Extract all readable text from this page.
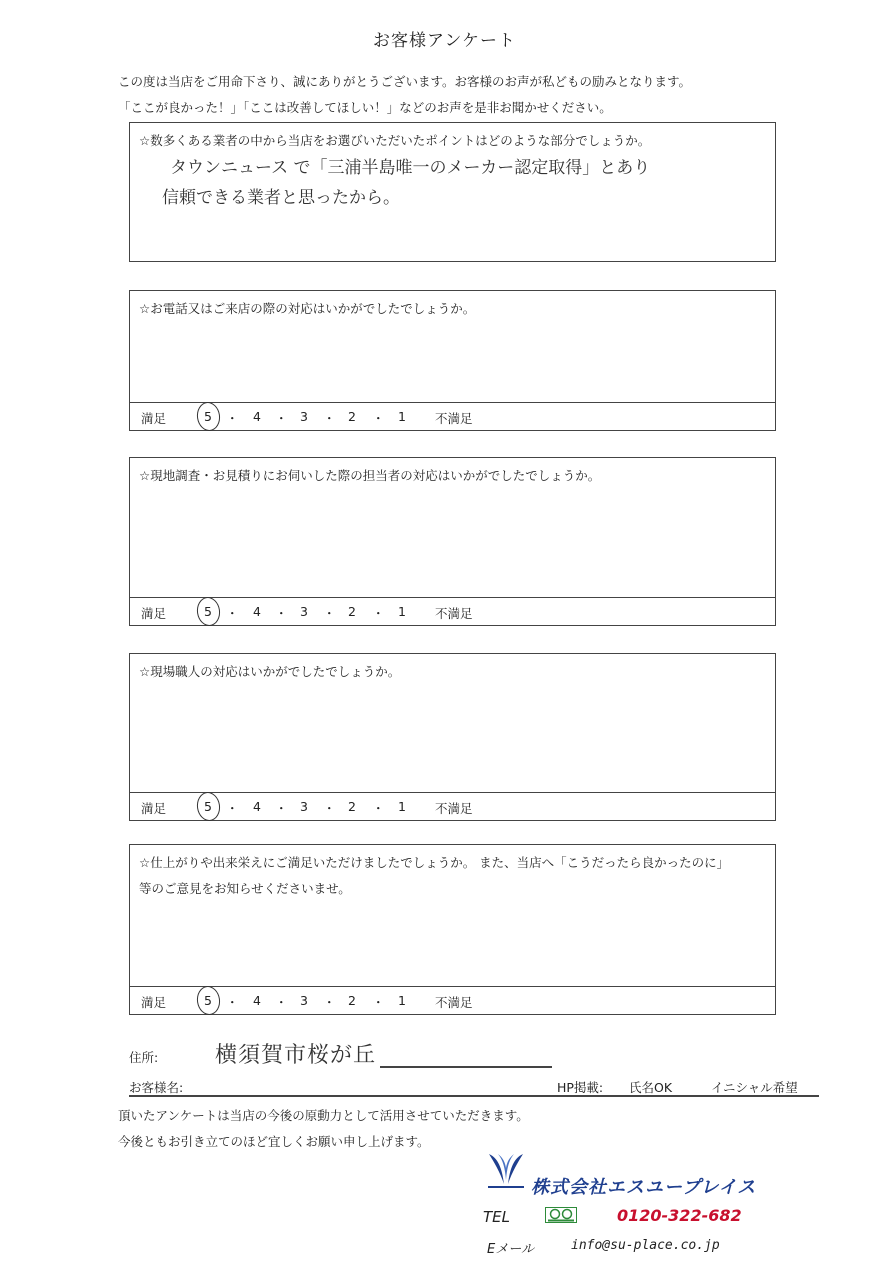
お客様アンケート
この度は当店をご用命下さり、誠にありがとうございます。お客様のお声が私どもの励みとなります。
「ここが良かった！」「ここは改善してほしい！」などのお声を是非お聞かせください。
☆数多くある業者の中から当店をお選びいただいたポイントはどのような部分でしょうか。
タウンニュース で「三浦半島唯一のメーカー認定取得」とあり
信頼できる業者と思ったから。
☆お電話又はご来店の際の対応はいかがでしたでしょうか。
満足	5 ・ 4 ・ 3 ・ 2 ・ 1 不満足
☆現地調査・お見積りにお伺いした際の担当者の対応はいかがでしたでしょうか。
満足	5 ・ 4 ・ 3 ・ 2 ・ 1 不満足
☆現場職人の対応はいかがでしたでしょうか。
満足	5 ・ 4 ・ 3 ・ 2 ・ 1 不満足
☆仕上がりや出来栄えにご満足いただけましたでしょうか。 また、当店へ「こうだったら良かったのに」
等のご意見をお知らせくださいませ。
満足	5 ・ 4 ・ 3 ・ 2 ・ 1 不満足
住所:	横須賀市桜が丘
お客様名:	HP掲載: 氏名OK	イニシャル希望
頂いたアンケートは当店の今後の原動力として活用させていただきます。
今後ともお引き立てのほど宜しくお願い申し上げます。
株式会社エスユープレイス
TEL	0120-322-682
Eメール	info@su-place.co.jp
